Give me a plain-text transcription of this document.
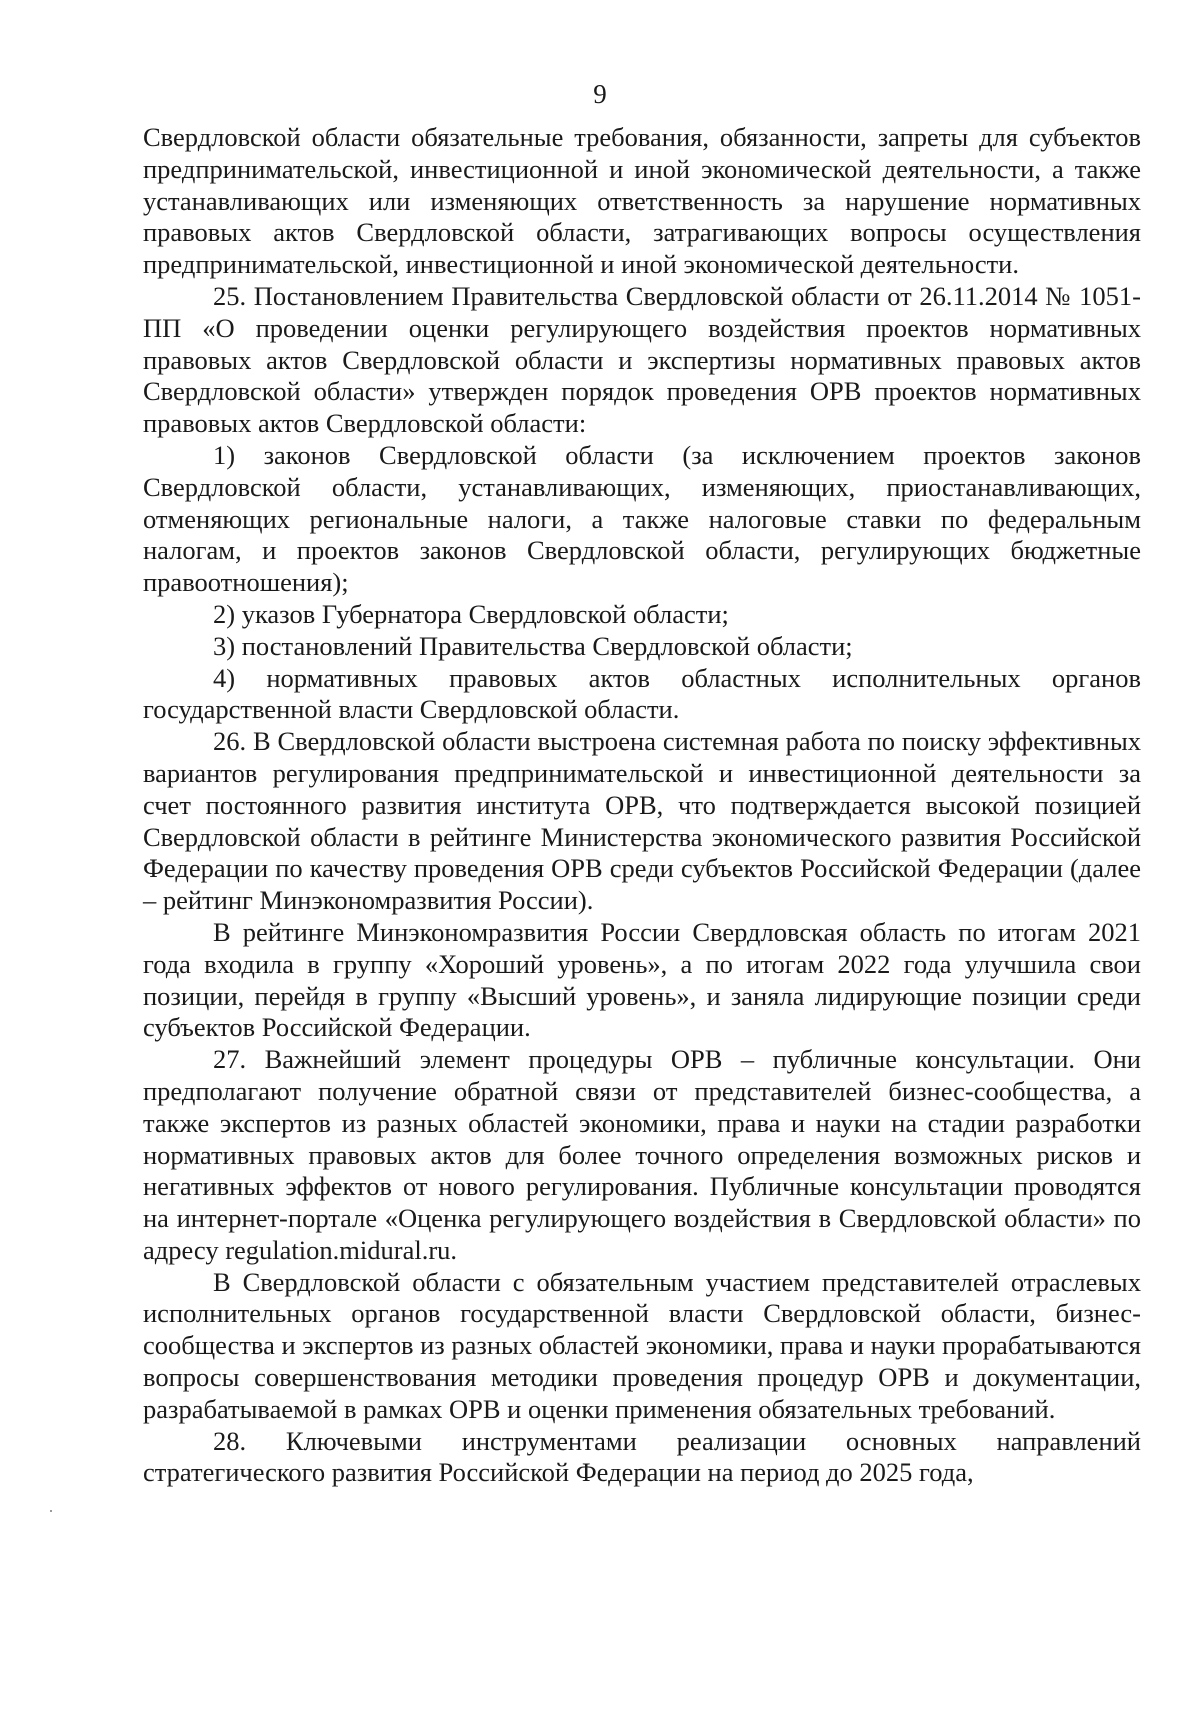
9

Свердловской области обязательные требования, обязанности, запреты для субъектов предпринимательской, инвестиционной и иной экономической деятельности, а также устанавливающих или изменяющих ответственность за нарушение нормативных правовых актов Свердловской области, затрагивающих вопросы осуществления предпринимательской, инвестиционной и иной экономической деятельности.

25. Постановлением Правительства Свердловской области от 26.11.2014 № 1051-ПП «О проведении оценки регулирующего воздействия проектов нормативных правовых актов Свердловской области и экспертизы нормативных правовых актов Свердловской области» утвержден порядок проведения ОРВ проектов нормативных правовых актов Свердловской области:

1) законов Свердловской области (за исключением проектов законов Свердловской области, устанавливающих, изменяющих, приостанавливающих, отменяющих региональные налоги, а также налоговые ставки по федеральным налогам, и проектов законов Свердловской области, регулирующих бюджетные правоотношения);

2) указов Губернатора Свердловской области;

3) постановлений Правительства Свердловской области;

4) нормативных правовых актов областных исполнительных органов государственной власти Свердловской области.

26. В Свердловской области выстроена системная работа по поиску эффективных вариантов регулирования предпринимательской и инвестиционной деятельности за счет постоянного развития института ОРВ, что подтверждается высокой позицией Свердловской области в рейтинге Министерства экономического развития Российской Федерации по качеству проведения ОРВ среди субъектов Российской Федерации (далее – рейтинг Минэкономразвития России).

В рейтинге Минэкономразвития России Свердловская область по итогам 2021 года входила в группу «Хороший уровень», а по итогам 2022 года улучшила свои позиции, перейдя в группу «Высший уровень», и заняла лидирующие позиции среди субъектов Российской Федерации.

27. Важнейший элемент процедуры ОРВ – публичные консультации. Они предполагают получение обратной связи от представителей бизнес-сообщества, а также экспертов из разных областей экономики, права и науки на стадии разработки нормативных правовых актов для более точного определения возможных рисков и негативных эффектов от нового регулирования. Публичные консультации проводятся на интернет-портале «Оценка регулирующего воздействия в Свердловской области» по адресу regulation.midural.ru.

В Свердловской области с обязательным участием представителей отраслевых исполнительных органов государственной власти Свердловской области, бизнес-сообщества и экспертов из разных областей экономики, права и науки прорабатываются вопросы совершенствования методики проведения процедур ОРВ и документации, разрабатываемой в рамках ОРВ и оценки применения обязательных требований.

28. Ключевыми инструментами реализации основных направлений стратегического развития Российской Федерации на период до 2025 года,
